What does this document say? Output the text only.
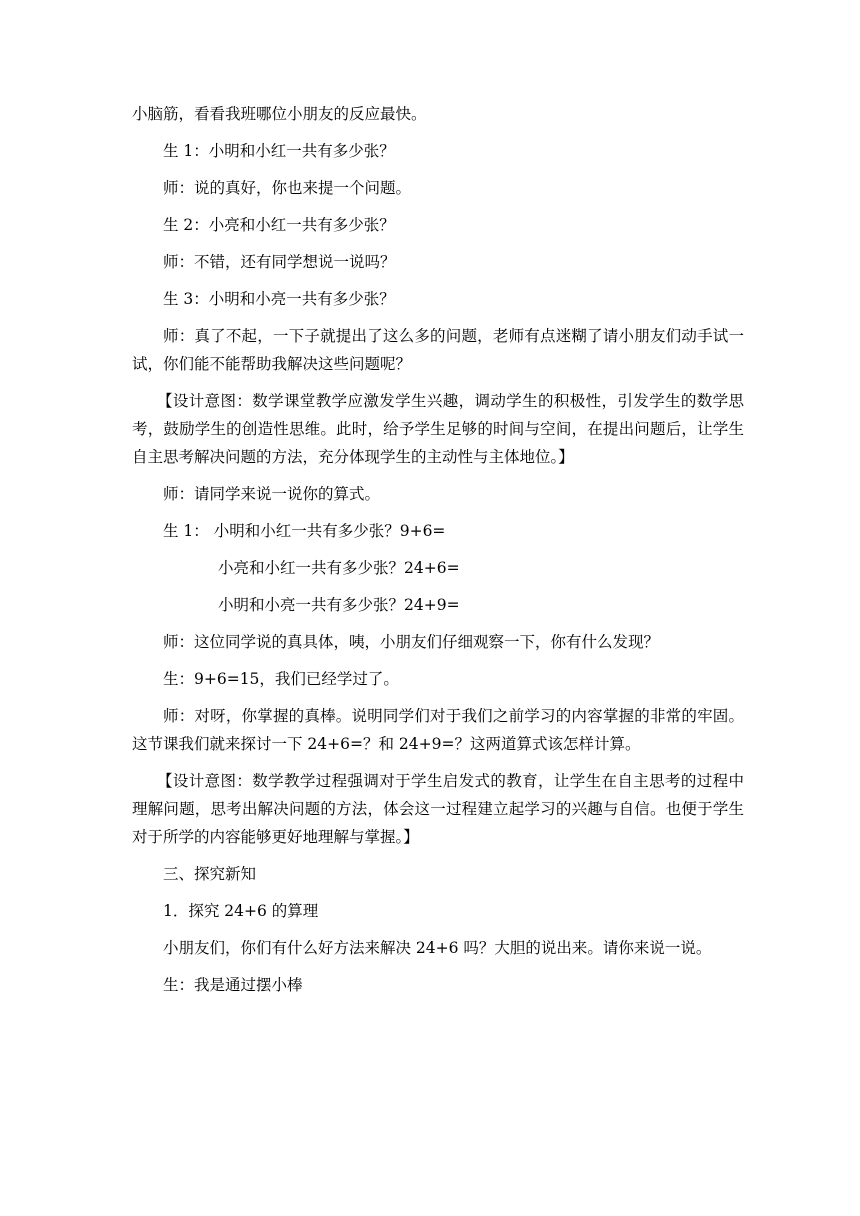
小脑筋，看看我班哪位小朋友的反应最快。

生 1：小明和小红一共有多少张？

师：说的真好，你也来提一个问题。

生 2：小亮和小红一共有多少张？

师：不错，还有同学想说一说吗？

生 3：小明和小亮一共有多少张？

师：真了不起，一下子就提出了这么多的问题，老师有点迷糊了请小朋友们动手试一试，你们能不能帮助我解决这些问题呢？

【设计意图：数学课堂教学应激发学生兴趣，调动学生的积极性，引发学生的数学思考，鼓励学生的创造性思维。此时，给予学生足够的时间与空间，在提出问题后，让学生自主思考解决问题的方法，充分体现学生的主动性与主体地位。】

师：请同学来说一说你的算式。

生 1： 小明和小红一共有多少张？9+6=

小亮和小红一共有多少张？24+6=

小明和小亮一共有多少张？24+9=

师：这位同学说的真具体，咦，小朋友们仔细观察一下，你有什么发现？

生：9+6=15，我们已经学过了。

师：对呀，你掌握的真棒。说明同学们对于我们之前学习的内容掌握的非常的牢固。这节课我们就来探讨一下 24+6=？和 24+9=？这两道算式该怎样计算。

【设计意图：数学教学过程强调对于学生启发式的教育，让学生在自主思考的过程中理解问题，思考出解决问题的方法，体会这一过程建立起学习的兴趣与自信。也便于学生对于所学的内容能够更好地理解与掌握。】

三、探究新知

1．探究 24+6 的算理

小朋友们，你们有什么好方法来解决 24+6 吗？大胆的说出来。请你来说一说。

生：我是通过摆小棒
